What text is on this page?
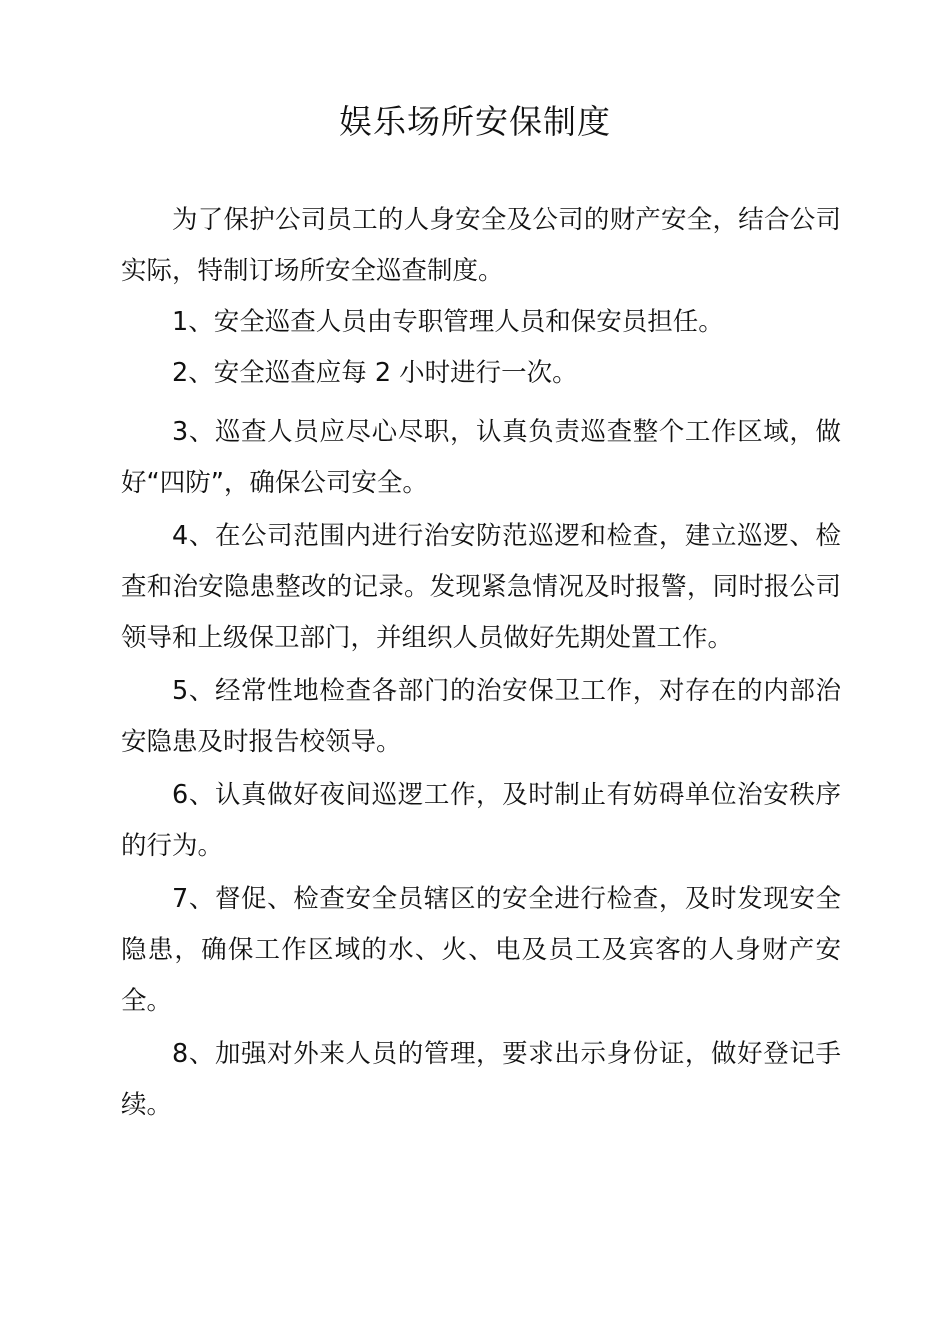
娱乐场所安保制度

为了保护公司员工的人身安全及公司的财产安全，结合公司实际，特制订场所安全巡查制度。

1、安全巡查人员由专职管理人员和保安员担任。

2、安全巡查应每 2 小时进行一次。

3、巡查人员应尽心尽职，认真负责巡查整个工作区域，做好“四防”，确保公司安全。

4、在公司范围内进行治安防范巡逻和检查，建立巡逻、检查和治安隐患整改的记录。发现紧急情况及时报警，同时报公司领导和上级保卫部门，并组织人员做好先期处置工作。

5、经常性地检查各部门的治安保卫工作，对存在的内部治安隐患及时报告校领导。

6、认真做好夜间巡逻工作，及时制止有妨碍单位治安秩序的行为。

7、督促、检查安全员辖区的安全进行检查，及时发现安全隐患，确保工作区域的水、火、电及员工及宾客的人身财产安全。

8、加强对外来人员的管理，要求出示身份证，做好登记手续。
